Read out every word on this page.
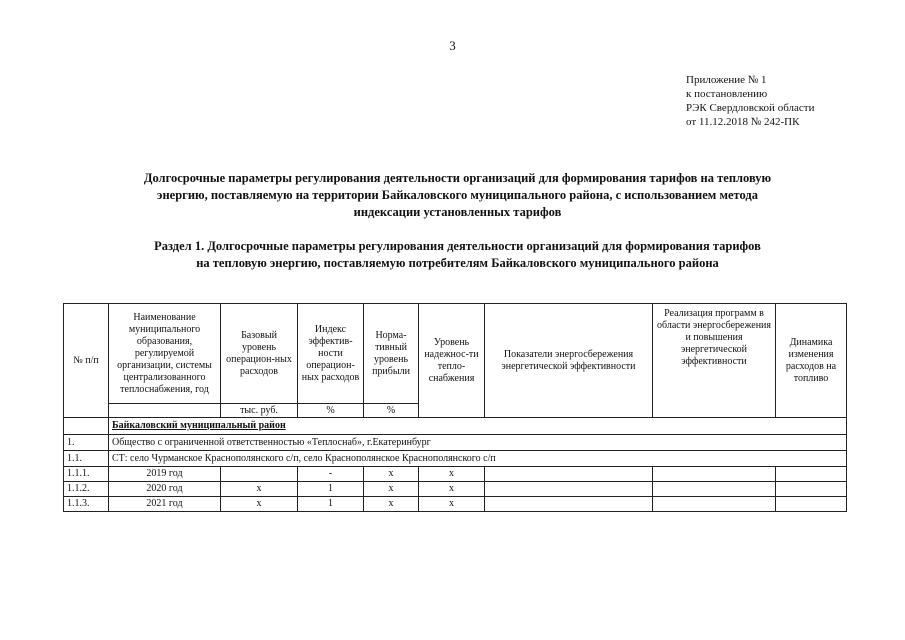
3
Приложение № 1
к постановлению
РЭК Свердловской области
от 11.12.2018 № 242-ПК
Долгосрочные параметры регулирования деятельности организаций для формирования тарифов на тепловую
энергию, поставляемую на территории Байкаловского муниципального района, с использованием метода
индексации установленных тарифов
Раздел 1. Долгосрочные параметры регулирования деятельности организаций для формирования тарифов
на тепловую энергию, поставляемую потребителям Байкаловского муниципального района
№ п/п	Наименование муниципального образования, регулируемой организации, системы централизованного теплоснабжения, год	Базовый уровень операцион-ных расходов	Индекс эффектив-ности операцион-ных расходов	Норма-тивный уровень прибыли	Уровень надежнос-ти тепло-снабжения	Показатели энергосбережения энергетической эффективности	Реализация программ в области энергосбережения и повышения энергетической эффективности	Динамика изменения расходов на топливо
		тыс. руб.	%	%				
	Байкаловский муниципальный район							
1.	Общество с ограниченной ответственностью «Теплоснаб», г.Екатеринбург							
1.1.	СТ: село Чурманское Краснополянского с/п, село Краснополянское Краснополянского с/п							
1.1.1.	2019 год		-	х	х			
1.1.2.	2020 год	х	1	х	х			
1.1.3.	2021 год	х	1	х	х			
